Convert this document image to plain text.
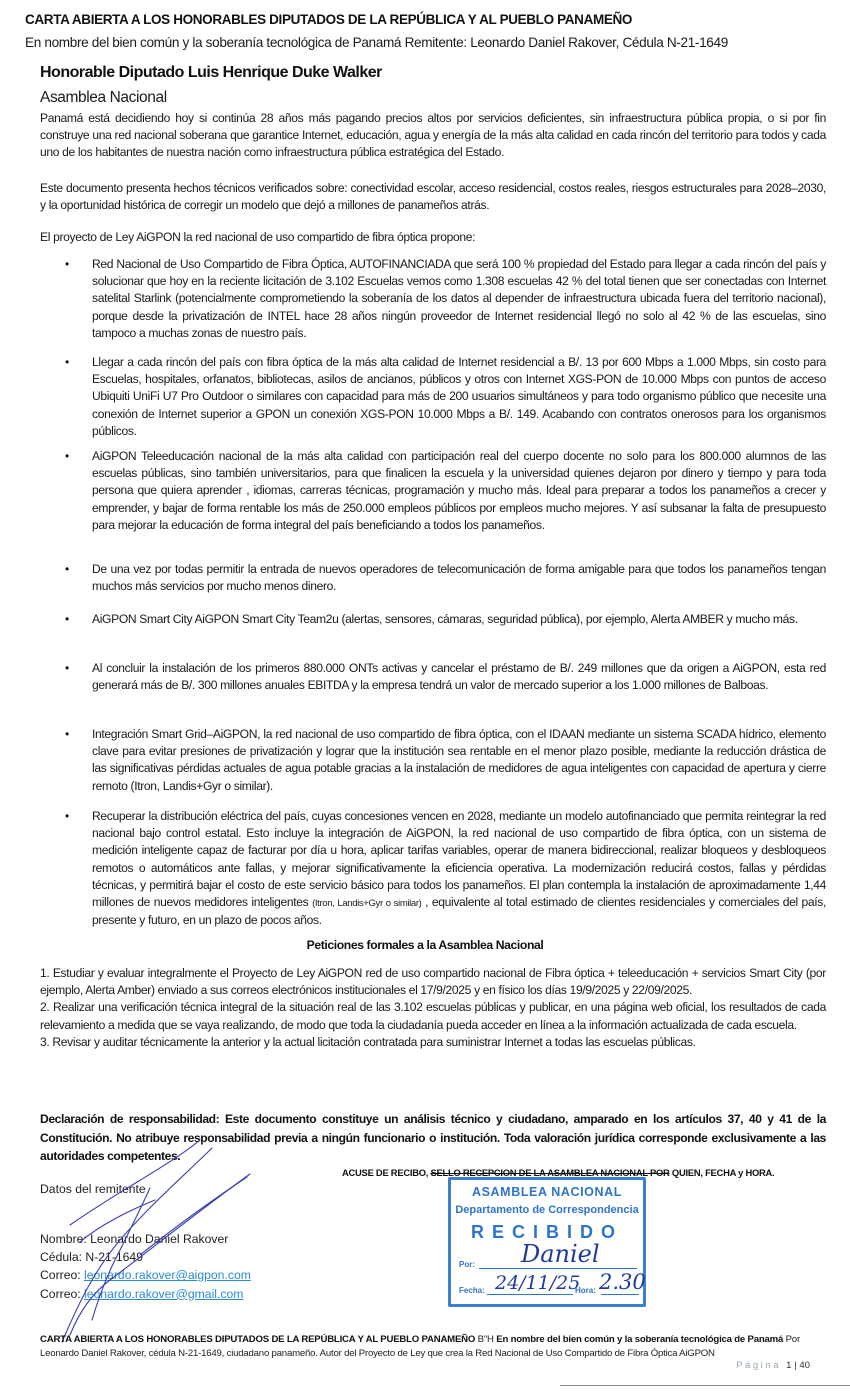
CARTA ABIERTA A LOS HONORABLES DIPUTADOS DE LA REPÚBLICA Y AL PUEBLO PANAMEÑO
En nombre del bien común y la soberanía tecnológica de Panamá Remitente: Leonardo Daniel Rakover, Cédula N-21-1649
Honorable Diputado Luis Henrique Duke Walker
Asamblea Nacional

Panamá está decidiendo hoy si continúa 28 años más pagando precios altos por servicios deficientes, sin infraestructura pública propia, o si por fin construye una red nacional soberana que garantice Internet, educación, agua y energía de la más alta calidad en cada rincón del territorio para todos y cada uno de los habitantes de nuestra nación como infraestructura pública estratégica del Estado.

Este documento presenta hechos técnicos verificados sobre: conectividad escolar, acceso residencial, costos reales, riesgos estructurales para 2028–2030, y la oportunidad histórica de corregir un modelo que dejó a millones de panameños atrás.

El proyecto de Ley AiGPON la red nacional de uso compartido de fibra óptica propone:

• Red Nacional de Uso Compartido de Fibra Óptica, AUTOFINANCIADA que será 100 % propiedad del Estado para llegar a cada rincón del país y solucionar que hoy en la reciente licitación de 3.102 Escuelas vemos como 1.308 escuelas 42 % del total tienen que ser conectadas con Internet satelital Starlink (potencialmente comprometiendo la soberanía de los datos al depender de infraestructura ubicada fuera del territorio nacional), porque desde la privatización de INTEL hace 28 años ningún proveedor de Internet residencial llegó no solo al 42 % de las escuelas, sino tampoco a muchas zonas de nuestro país.

• Llegar a cada rincón del país con fibra óptica de la más alta calidad de Internet residencial a B/. 13 por 600 Mbps a 1.000 Mbps, sin costo para Escuelas, hospitales, orfanatos, bibliotecas, asilos de ancianos, públicos y otros con Internet XGS-PON de 10.000 Mbps con puntos de acceso Ubiquiti UniFi U7 Pro Outdoor o similares con capacidad para más de 200 usuarios simultáneos y para todo organismo público que necesite una conexión de Internet superior a GPON un conexión XGS-PON 10.000 Mbps a B/. 149. Acabando con contratos onerosos para los organismos públicos.

• AiGPON Teleeducación nacional de la más alta calidad con participación real del cuerpo docente no solo para los 800.000 alumnos de las escuelas públicas, sino también universitarios, para que finalicen la escuela y la universidad quienes dejaron por dinero y tiempo y para toda persona que quiera aprender , idiomas, carreras técnicas, programación y mucho más. Ideal para preparar a todos los panameños a crecer y emprender, y bajar de forma rentable los más de 250.000 empleos públicos por empleos mucho mejores. Y así subsanar la falta de presupuesto para mejorar la educación de forma integral del país beneficiando a todos los panameños.

• De una vez por todas permitir la entrada de nuevos operadores de telecomunicación de forma amigable para que todos los panameños tengan muchos más servicios por mucho menos dinero.

• AiGPON Smart City AiGPON Smart City Team2u (alertas, sensores, cámaras, seguridad pública), por ejemplo, Alerta AMBER y mucho más.

• Al concluir la instalación de los primeros 880.000 ONTs activas y cancelar el préstamo de B/. 249 millones que da origen a AiGPON, esta red generará más de B/. 300 millones anuales EBITDA y la empresa tendrá un valor de mercado superior a los 1.000 millones de Balboas.

• Integración Smart Grid–AiGPON, la red nacional de uso compartido de fibra óptica, con el IDAAN mediante un sistema SCADA hídrico, elemento clave para evitar presiones de privatización y lograr que la institución sea rentable en el menor plazo posible, mediante la reducción drástica de las significativas pérdidas actuales de agua potable gracias a la instalación de medidores de agua inteligentes con capacidad de apertura y cierre remoto (Itron, Landis+Gyr o similar).

• Recuperar la distribución eléctrica del país, cuyas concesiones vencen en 2028, mediante un modelo autofinanciado que permita reintegrar la red nacional bajo control estatal. Esto incluye la integración de AiGPON, la red nacional de uso compartido de fibra óptica, con un sistema de medición inteligente capaz de facturar por día u hora, aplicar tarifas variables, operar de manera bidireccional, realizar bloqueos y desbloqueos remotos o automáticos ante fallas, y mejorar significativamente la eficiencia operativa. La modernización reducirá costos, fallas y pérdidas técnicas, y permitirá bajar el costo de este servicio básico para todos los panameños. El plan contempla la instalación de aproximadamente 1,44 millones de nuevos medidores inteligentes (Itron, Landis+Gyr o similar) , equivalente al total estimado de clientes residenciales y comerciales del país, presente y futuro, en un plazo de pocos años.

Peticiones formales a la Asamblea Nacional

1. Estudiar y evaluar integralmente el Proyecto de Ley AiGPON red de uso compartido nacional de Fibra óptica + teleeducación + servicios Smart City (por ejemplo, Alerta Amber) enviado a sus correos electrónicos institucionales el 17/9/2025 y en físico los días 19/9/2025 y 22/09/2025.

2. Realizar una verificación técnica integral de la situación real de las 3.102 escuelas públicas y publicar, en una página web oficial, los resultados de cada relevamiento a medida que se vaya realizando, de modo que toda la ciudadanía pueda acceder en línea a la información actualizada de cada escuela.

3. Revisar y auditar técnicamente la anterior y la actual licitación contratada para suministrar Internet a todas las escuelas públicas.

Declaración de responsabilidad: Este documento constituye un análisis técnico y ciudadano, amparado en los artículos 37, 40 y 41 de la Constitución. No atribuye responsabilidad previa a ningún funcionario o institución. Toda valoración jurídica corresponde exclusivamente a las autoridades competentes.

ACUSE DE RECIBO, SELLO RECEPCION DE LA ASAMBLEA NACIONAL POR QUIEN, FECHA y HORA.
Datos del remitente
Nombre: Leonardo Daniel Rakover
Cédula: N-21-1649
Correo: leonardo.rakover@aigpon.com
Correo: leonardo.rakover@gmail.com
ASAMBLEA NACIONAL
Departamento de Correspondencia
RECIBIDO
Por: Daniel
Fecha: 24/11/25
Hora: 2.30
CARTA ABIERTA A LOS HONORABLES DIPUTADOS DE LA REPÚBLICA Y AL PUEBLO PANAMEÑO B"H En nombre del bien común y la soberanía tecnológica de Panamá Por Leonardo Daniel Rakover, cédula N-21-1649, ciudadano panameño. Autor del Proyecto de Ley que crea la Red Nacional de Uso Compartido de Fibra Óptica AiGPON
Página 1 | 40
